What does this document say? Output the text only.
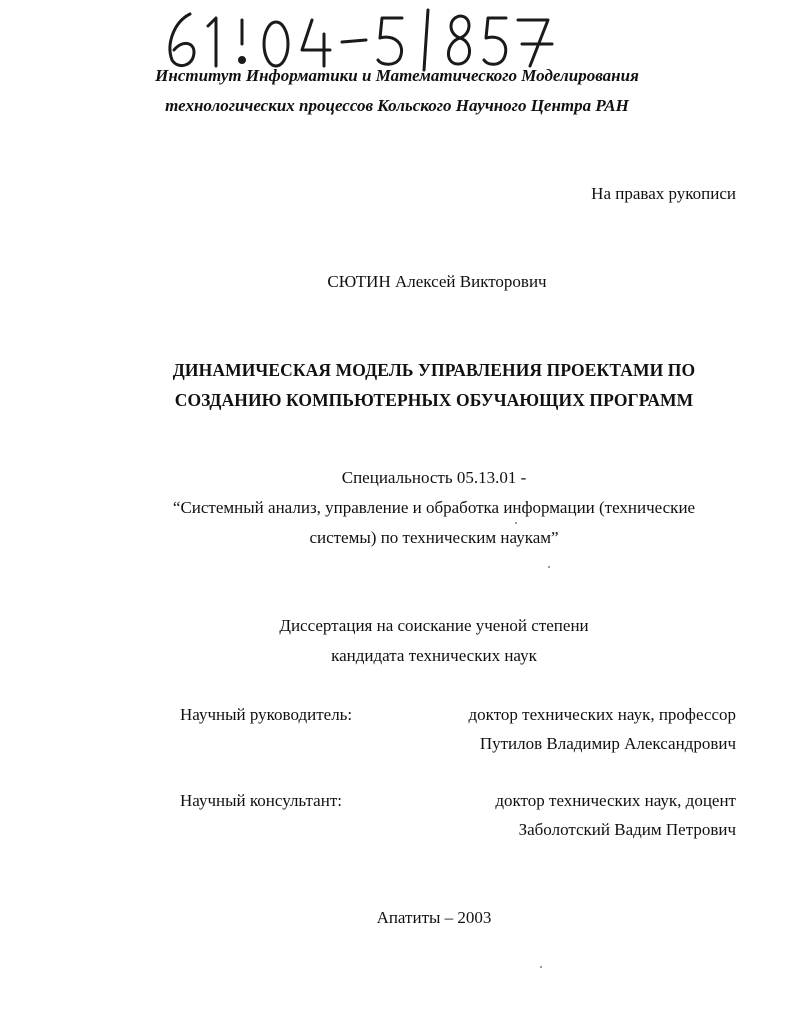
Институт Информатики и Математического Моделирования
технологических процессов Кольского Научного Центра РАН
На правах рукописи
СЮТИН Алексей Викторович
ДИНАМИЧЕСКАЯ МОДЕЛЬ УПРАВЛЕНИЯ ПРОЕКТАМИ ПО
СОЗДАНИЮ КОМПЬЮТЕРНЫХ ОБУЧАЮЩИХ ПРОГРАММ
Специальность 05.13.01 -
“Системный анализ, управление и обработка информации (технические
системы) по техническим наукам”
Диссертация на соискание ученой степени
кандидата технических наук
Научный руководитель:	доктор технических наук, профессор
Путилов Владимир Александрович
Научный консультант:	доктор технических наук, доцент
Заболотский Вадим Петрович
Апатиты – 2003
